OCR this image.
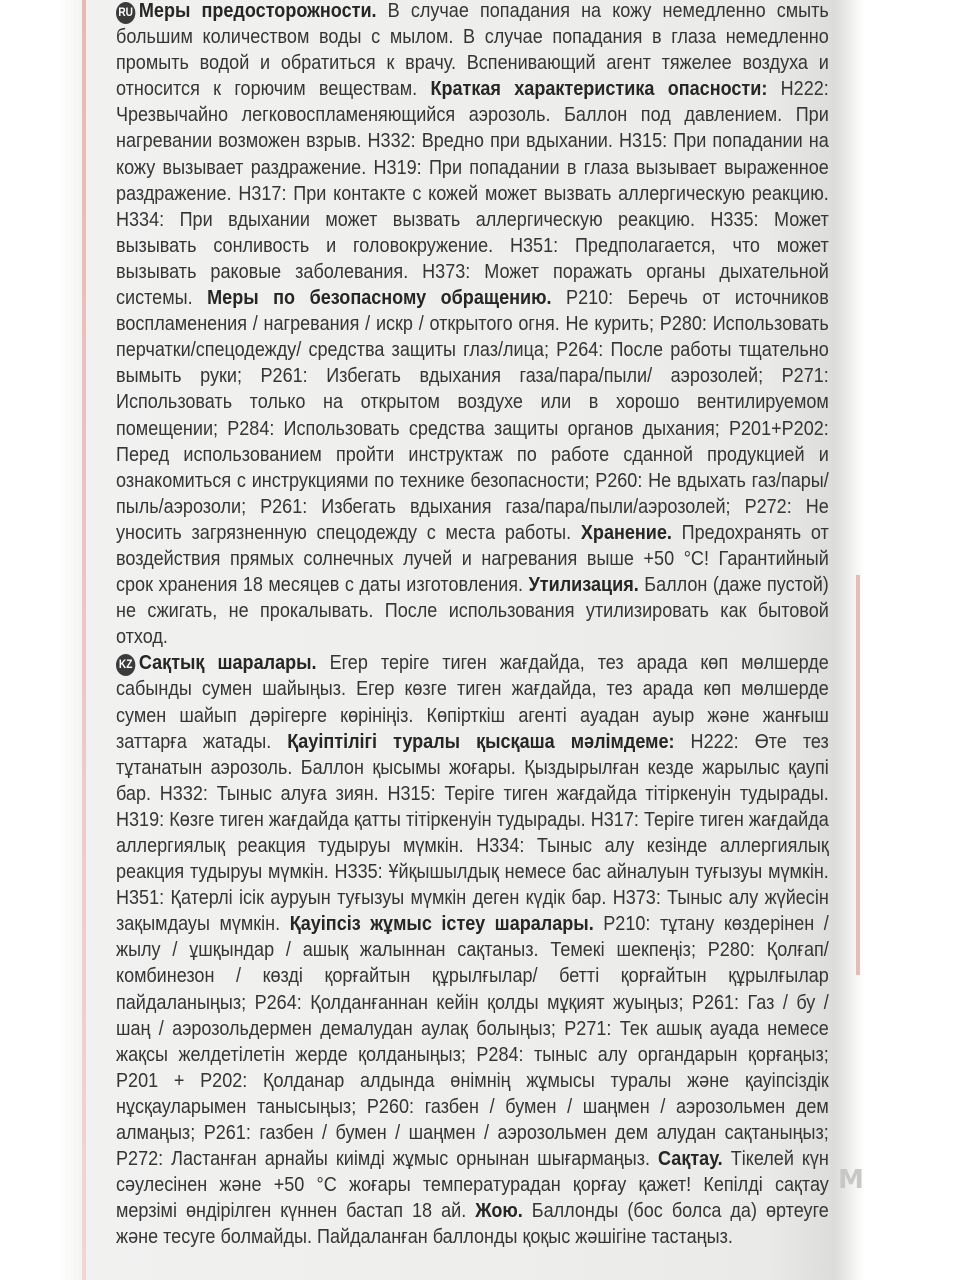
M

RU Меры предосторожности. В случае попадания на кожу немедленно смыть большим количеством воды с мылом. В случае попадания в глаза немедленно промыть водой и обратиться к врачу. Вспенивающий агент тяжелее воздуха и относится к горючим веществам. Краткая характеристика опасности: Н222: Чрезвычайно легковоспламеняющийся аэрозоль. Баллон под давлением. При нагревании возможен взрыв. Н332: Вредно при вдыхании. Н315: При попадании на кожу вызывает раздражение. Н319: При попадании в глаза вызывает выраженное раздражение. Н317: При контакте с кожей может вызвать аллергическую реакцию. Н334: При вдыхании может вызвать аллергическую реакцию. Н335: Может вызывать сонливость и головокружение. Н351: Предполагается, что может вызывать раковые заболевания. Н373: Может поражать органы дыхательной системы. Меры по безопасному обращению. Р210: Беречь от источников воспламенения / нагревания / искр / открытого огня. Не курить; Р280: Использовать перчатки/спецодежду/ средства защиты глаз/лица; Р264: После работы тщательно вымыть руки; Р261: Избегать вдыхания газа/пара/пыли/ аэрозолей; Р271: Использовать только на открытом воздухе или в хорошо вентилируемом помещении; Р284: Использовать средства защиты органов дыхания; Р201+Р202: Перед использованием пройти инструктаж по работе сданной продукцией и ознакомиться с инструкциями по технике безопасности; Р260: Не вдыхать газ/пары/пыль/аэрозоли; Р261: Избегать вдыхания газа/пара/пыли/аэрозолей; Р272: Не уносить загрязненную спецодежду с места работы. Хранение. Предохранять от воздействия прямых солнечных лучей и нагревания выше +50 °С! Гарантийный срок хранения 18 месяцев с даты изготовления. Утилизация. Баллон (даже пустой) не сжигать, не прокалывать. После использования утилизировать как бытовой отход.

KZ Сақтық шаралары. Егер теріге тиген жағдайда, тез арада көп мөлшерде сабынды сумен шайыңыз. Егер көзге тиген жағдайда, тез арада көп мөлшерде сумен шайып дәрігерге көрініңіз. Көпірткіш агенті ауадан ауыр және жанғыш заттарға жатады. Қауіптілігі туралы қысқаша мәлімдеме: Н222: Өте тез тұтанатын аэрозоль. Баллон қысымы жоғары. Қыздырылған кезде жарылыс қаупі бар. Н332: Тыныс алуға зиян. Н315: Теріге тиген жағдайда тітіркенуін тудырады. Н319: Көзге тиген жағдайда қатты тітіркенуін тудырады. Н317: Теріге тиген жағдайда аллергиялық реакция тудыруы мүмкін. Н334: Тыныс алу кезінде аллергиялық реакция тудыруы мүмкін. Н335: Ұйқышылдық немесе бас айналуын туғызуы мүмкін. Н351: Қатерлі ісік ауруын туғызуы мүмкін деген күдік бар. Н373: Тыныс алу жүйесін зақымдауы мүмкін. Қауіпсіз жұмыс істеу шаралары. Р210: тұтану көздерінен / жылу / ұшқындар / ашық жалыннан сақтаныз. Темекі шекпеңіз; Р280: Қолғап/ комбинезон / көзді қорғайтын құрылғылар/ бетті қорғайтын құрылғылар пайдаланыңыз; Р264: Қолданғаннан кейін қолды мұқият жуыңыз; Р261: Газ / бу / шаң / аэрозольдермен демалудан аулақ болыңыз; Р271: Тек ашық ауада немесе жақсы желдетілетін жерде қолданыңыз; Р284: тыныс алу органдарын қорғаңыз; Р201 + Р202: Қолданар алдында өнімнің жұмысы туралы және қауіпсіздік нұсқауларымен танысыңыз; Р260: газбен / бумен / шаңмен / аэрозольмен дем алмаңыз; Р261: газбен / бумен / шаңмен / аэрозольмен дем алудан сақтаныңыз; Р272: Ластанған арнайы киімді жұмыс орнынан шығармаңыз. Сақтау. Тікелей күн сәулесінен және +50 °С жоғары температурадан қорғау қажет! Кепілді сақтау мерзімі өндірілген күннен бастап 18 ай. Жою. Баллонды (бос болса да) өртеуге және тесуге болмайды. Пайдаланған баллонды қоқыс жәшігіне тастаңыз.
